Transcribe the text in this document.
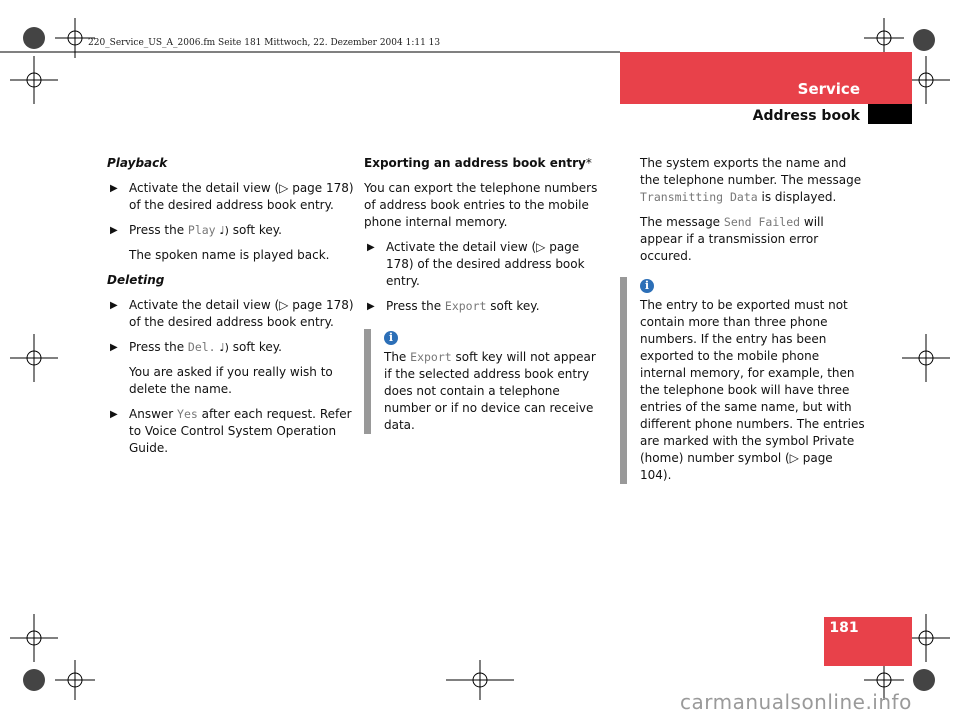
220_Service_US_A_2006.fm Seite 181 Mittwoch, 22. Dezember 2004 1:11 13
Service
Address book
Playback
▶ Activate the detail view (▷ page 178) of the desired address book entry.
▶ Press the Play ♩) soft key.

The spoken name is played back.

Deleting
▶ Activate the detail view (▷ page 178) of the desired address book entry.
▶ Press the Del. ♩) soft key.

You are asked if you really wish to delete the name.

▶ Answer Yes after each request. Refer to Voice Control System Operation Guide.
Exporting an address book entry*

You can export the telephone numbers of address book entries to the mobile phone internal memory.

▶ Activate the detail view (▷ page 178) of the desired address book entry.
▶ Press the Export soft key.
i
The Export soft key will not appear if the selected address book entry does not contain a telephone number or if no device can receive data.

The system exports the name and the telephone number. The message Transmitting Data is displayed.

The message Send Failed will appear if a transmission error occured.

i
The entry to be exported must not contain more than three phone numbers. If the entry has been exported to the mobile phone internal memory, for example, then the telephone book will have three entries of the same name, but with different phone numbers. The entries are marked with the symbol Private (home) number symbol (▷ page 104).
181
carmanualsonline.info
